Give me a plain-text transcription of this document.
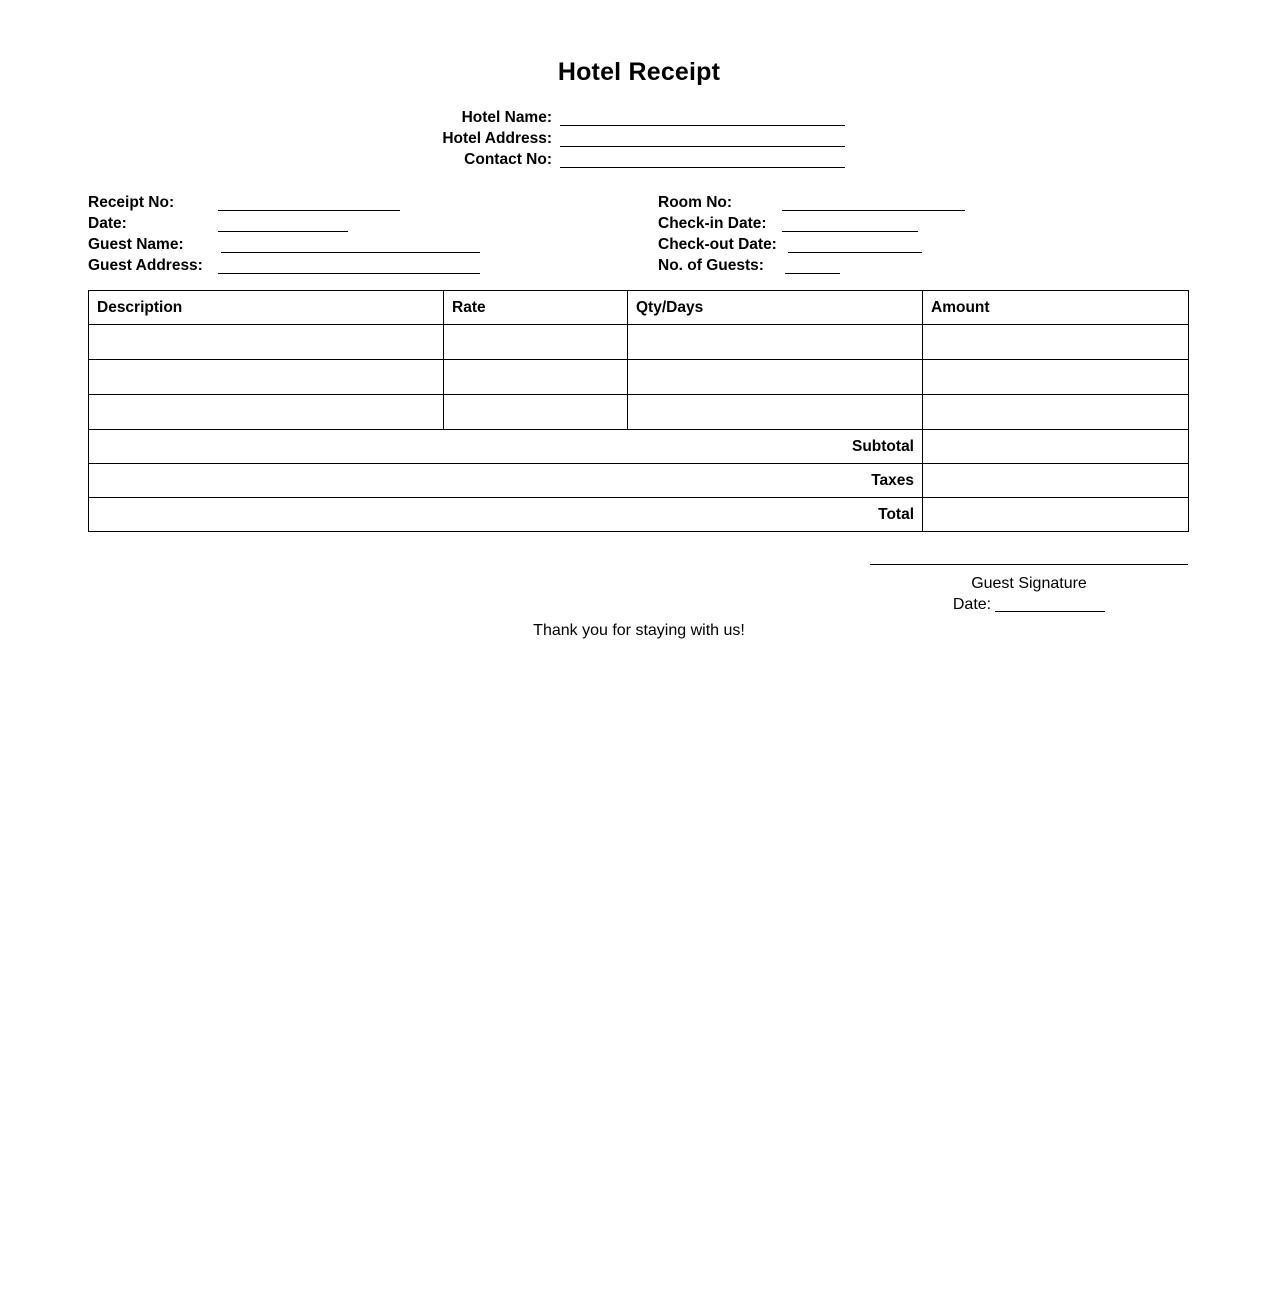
Hotel Receipt
Hotel Name:
Hotel Address:
Contact No:
Receipt No:
Date:
Guest Name:
Guest Address:
Room No:
Check-in Date:
Check-out Date:
No. of Guests:
Description	Rate	Qty/Days	Amount

Subtotal			
Taxes			
Total			
Guest Signature
Date:
Thank you for staying with us!
